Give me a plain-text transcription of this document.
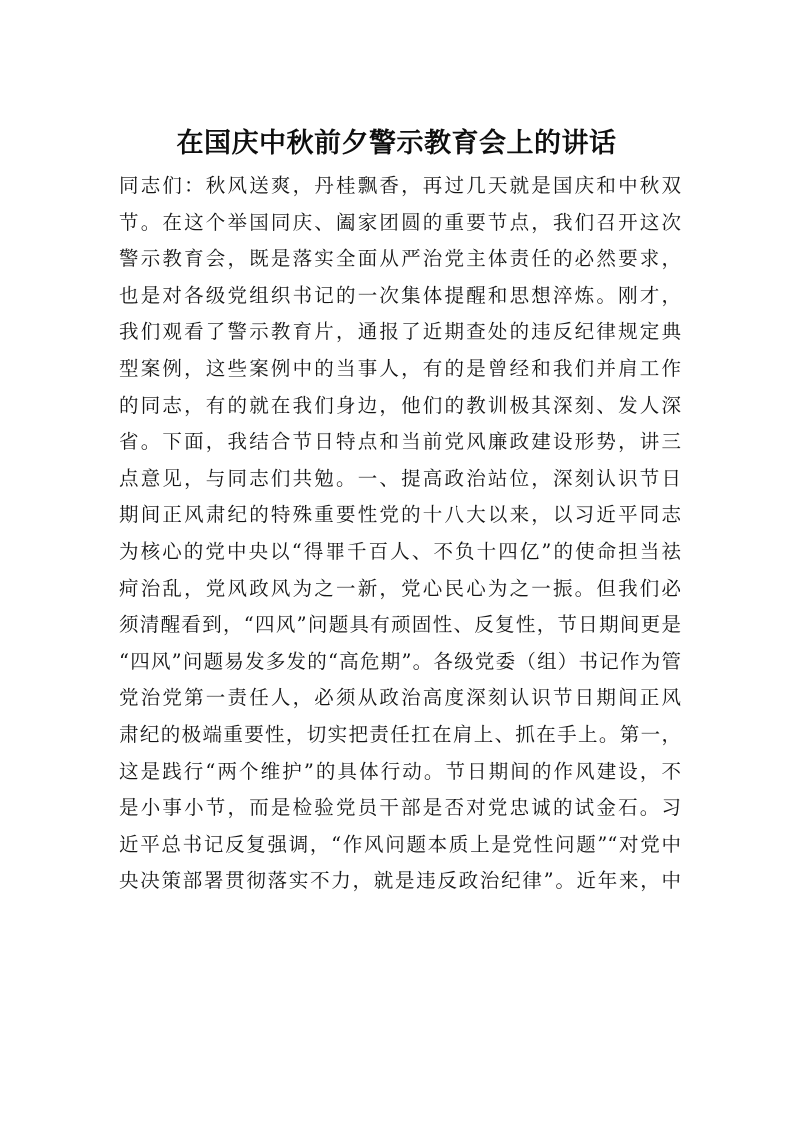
在国庆中秋前夕警示教育会上的讲话
同志们：秋风送爽，丹桂飘香，再过几天就是国庆和中秋双
节。在这个举国同庆、阖家团圆的重要节点，我们召开这次
警示教育会，既是落实全面从严治党主体责任的必然要求，
也是对各级党组织书记的一次集体提醒和思想淬炼。刚才，
我们观看了警示教育片，通报了近期查处的违反纪律规定典
型案例，这些案例中的当事人，有的是曾经和我们并肩工作
的同志，有的就在我们身边，他们的教训极其深刻、发人深
省。下面，我结合节日特点和当前党风廉政建设形势，讲三
点意见，与同志们共勉。一、提高政治站位，深刻认识节日
期间正风肃纪的特殊重要性党的十八大以来，以习近平同志
为核心的党中央以“得罪千百人、不负十四亿”的使命担当祛
疴治乱，党风政风为之一新，党心民心为之一振。但我们必
须清醒看到，“四风”问题具有顽固性、反复性，节日期间更是
“四风”问题易发多发的“高危期”。各级党委（组）书记作为管
党治党第一责任人，必须从政治高度深刻认识节日期间正风
肃纪的极端重要性，切实把责任扛在肩上、抓在手上。第一，
这是践行“两个维护”的具体行动。节日期间的作风建设，不
是小事小节，而是检验党员干部是否对党忠诚的试金石。习
近平总书记反复强调，“作风问题本质上是党性问题”“对党中
央决策部署贯彻落实不力，就是违反政治纪律”。近年来，中
